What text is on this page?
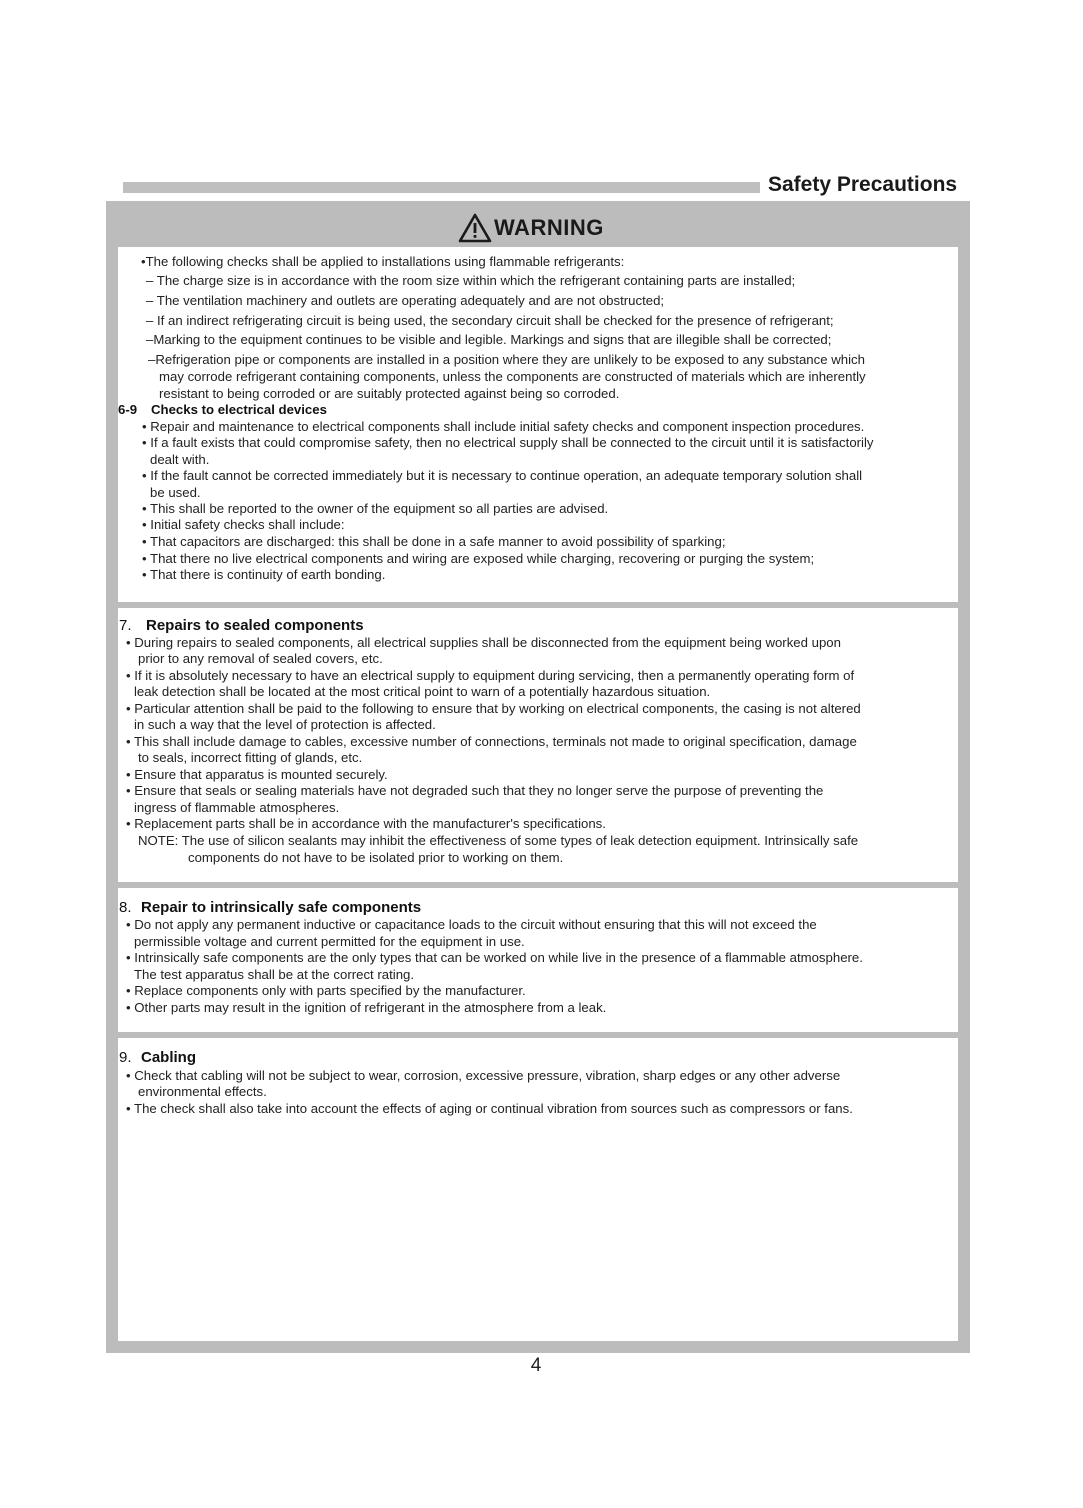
Safety Precautions
WARNING
•The following checks shall be applied to installations using flammable refrigerants:
– The charge size is in accordance with the room size within which the refrigerant containing parts are installed;
– The ventilation machinery and outlets are operating adequately and are not obstructed;
– If an indirect refrigerating circuit is being used, the secondary circuit shall be checked for the presence of refrigerant;
–Marking to the equipment continues to be visible and legible. Markings and signs that are illegible shall be corrected;
–Refrigeration pipe or components are installed in a position where they are unlikely to be exposed to any substance which
may corrode refrigerant containing components, unless the components are constructed of materials which are inherently
resistant to being corroded or are suitably protected against being so corroded.
6-9 Checks to electrical devices
• Repair and maintenance to electrical components shall include initial safety checks and component inspection procedures.
• If a fault exists that could compromise safety, then no electrical supply shall be connected to the circuit until it is satisfactorily
dealt with.
• If the fault cannot be corrected immediately but it is necessary to continue operation, an adequate temporary solution shall
be used.
• This shall be reported to the owner of the equipment so all parties are advised.
• Initial safety checks shall include:
• That capacitors are discharged: this shall be done in a safe manner to avoid possibility of sparking;
• That there no live electrical components and wiring are exposed while charging, recovering or purging the system;
• That there is continuity of earth bonding.
7. Repairs to sealed components
• During repairs to sealed components, all electrical supplies shall be disconnected from the equipment being worked upon
prior to any removal of sealed covers, etc.
• If it is absolutely necessary to have an electrical supply to equipment during servicing, then a permanently operating form of
leak detection shall be located at the most critical point to warn of a potentially hazardous situation.
• Particular attention shall be paid to the following to ensure that by working on electrical components, the casing is not altered
in such a way that the level of protection is affected.
• This shall include damage to cables, excessive number of connections, terminals not made to original specification, damage
to seals, incorrect fitting of glands, etc.
• Ensure that apparatus is mounted securely.
• Ensure that seals or sealing materials have not degraded such that they no longer serve the purpose of preventing the
ingress of flammable atmospheres.
• Replacement parts shall be in accordance with the manufacturer's specifications.
NOTE: The use of silicon sealants may inhibit the effectiveness of some types of leak detection equipment. Intrinsically safe
components do not have to be isolated prior to working on them.
8. Repair to intrinsically safe components
• Do not apply any permanent inductive or capacitance loads to the circuit without ensuring that this will not exceed the
permissible voltage and current permitted for the equipment in use.
• Intrinsically safe components are the only types that can be worked on while live in the presence of a flammable atmosphere.
The test apparatus shall be at the correct rating.
• Replace components only with parts specified by the manufacturer.
• Other parts may result in the ignition of refrigerant in the atmosphere from a leak.
9. Cabling
• Check that cabling will not be subject to wear, corrosion, excessive pressure, vibration, sharp edges or any other adverse
environmental effects.
• The check shall also take into account the effects of aging or continual vibration from sources such as compressors or fans.
4
